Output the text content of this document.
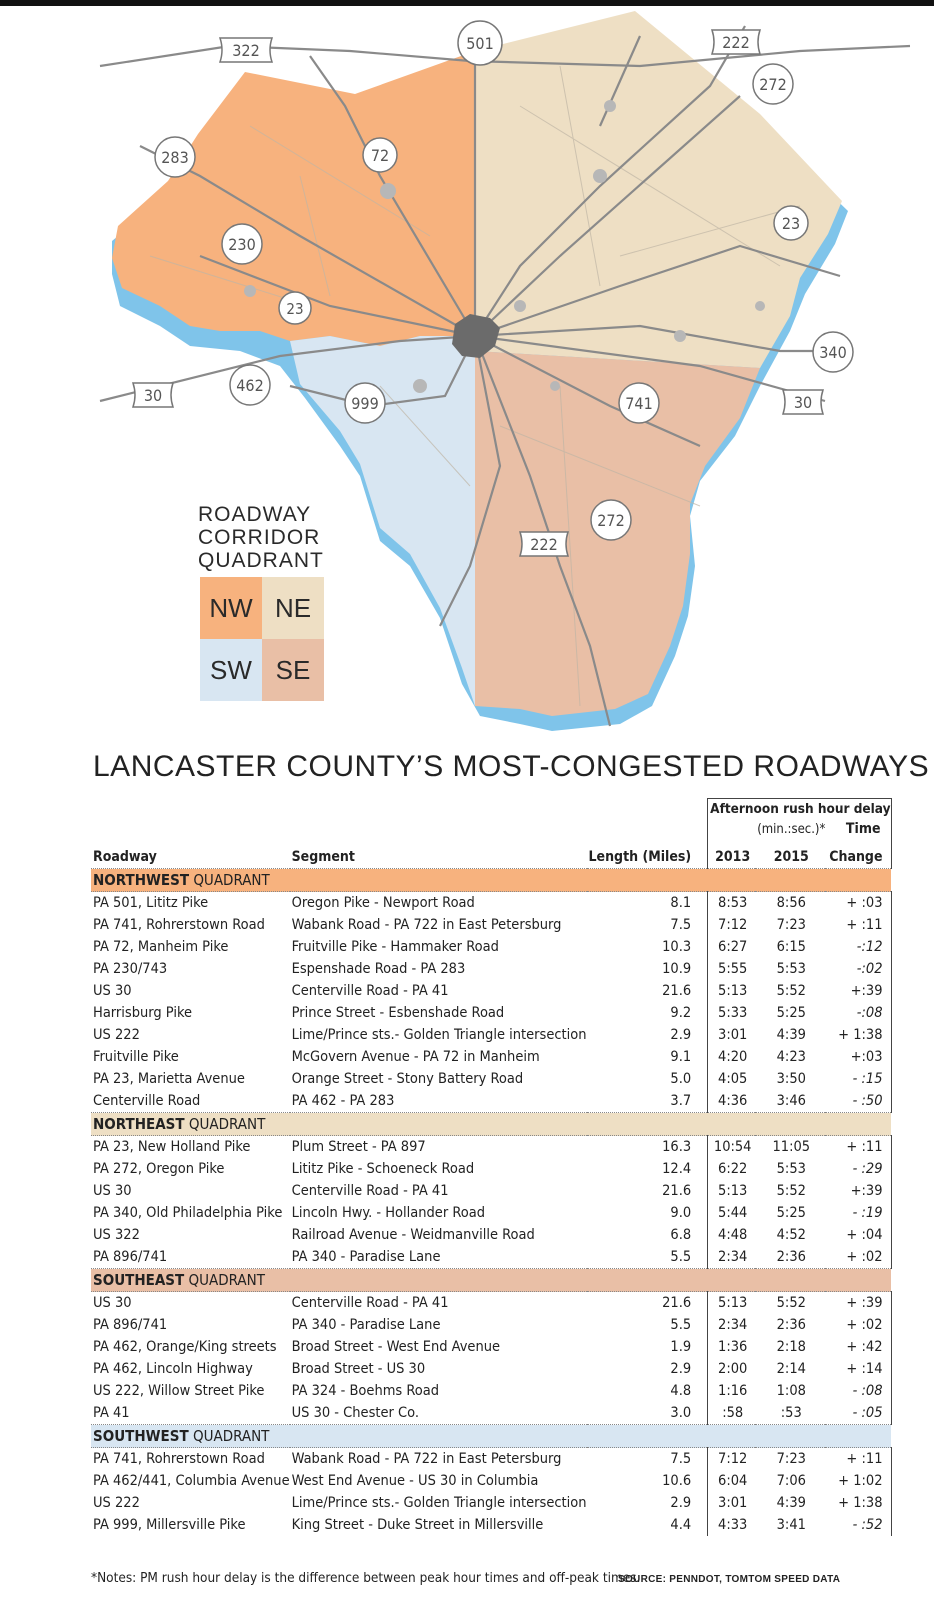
322	222
30	30
222
501
272
283	72
23
230
23
340
462
999	741
272
ROADWAY
CORRIDOR
QUADRANT
NW NE
SW SE
LANCASTER COUNTY’S MOST-CONGESTED ROADWAYS
			Afternoon rush hour delay		
				(min.:sec.)*	Time
Roadway	Segment	Length (Miles)	2013	2015	Change
NORTHWEST QUADRANT					
PA 501, Lititz Pike	Oregon Pike - Newport Road	8.1	8:53	8:56	+ :03
PA 741, Rohrerstown Road	Wabank Road - PA 722 in East Petersburg	7.5	7:12	7:23	+ :11
PA 72, Manheim Pike	Fruitville Pike - Hammaker Road	10.3	6:27	6:15	-:12
PA 230/743	Espenshade Road - PA 283	10.9	5:55	5:53	-:02
US 30	Centerville Road - PA 41	21.6	5:13	5:52	+:39
Harrisburg Pike	Prince Street - Esbenshade Road	9.2	5:33	5:25	-:08
US 222	Lime/Prince sts.- Golden Triangle intersection	2.9	3:01	4:39	+ 1:38
Fruitville Pike	McGovern Avenue - PA 72 in Manheim	9.1	4:20	4:23	+:03
PA 23, Marietta Avenue	Orange Street - Stony Battery Road	5.0	4:05	3:50	- :15
Centerville Road	PA 462 - PA 283	3.7	4:36	3:46	- :50
NORTHEAST QUADRANT					
PA 23, New Holland Pike	Plum Street - PA 897	16.3	10:54	11:05	+ :11
PA 272, Oregon Pike	Lititz Pike - Schoeneck Road	12.4	6:22	5:53	- :29
US 30	Centerville Road - PA 41	21.6	5:13	5:52	+:39
PA 340, Old Philadelphia Pike	Lincoln Hwy. - Hollander Road	9.0	5:44	5:25	- :19
US 322	Railroad Avenue - Weidmanville Road	6.8	4:48	4:52	+ :04
PA 896/741	PA 340 - Paradise Lane	5.5	2:34	2:36	+ :02
SOUTHEAST QUADRANT					
US 30	Centerville Road - PA 41	21.6	5:13	5:52	+ :39
PA 896/741	PA 340 - Paradise Lane	5.5	2:34	2:36	+ :02
PA 462, Orange/King streets	Broad Street - West End Avenue	1.9	1:36	2:18	+ :42
PA 462, Lincoln Highway	Broad Street - US 30	2.9	2:00	2:14	+ :14
US 222, Willow Street Pike	PA 324 - Boehms Road	4.8	1:16	1:08	- :08
PA 41	US 30 - Chester Co.	3.0	:58	:53	- :05
SOUTHWEST QUADRANT					
PA 741, Rohrerstown Road	Wabank Road - PA 722 in East Petersburg	7.5	7:12	7:23	+ :11
PA 462/441, Columbia Avenue	West End Avenue - US 30 in Columbia	10.6	6:04	7:06	+ 1:02
US 222	Lime/Prince sts.- Golden Triangle intersection	2.9	3:01	4:39	+ 1:38
PA 999, Millersville Pike	King Street - Duke Street in Millersville	4.4	4:33	3:41	- :52
*Notes: PM rush hour delay is the difference between peak hour times and off-peak times.
SOURCE: PENNDOT, TOMTOM SPEED DATA
